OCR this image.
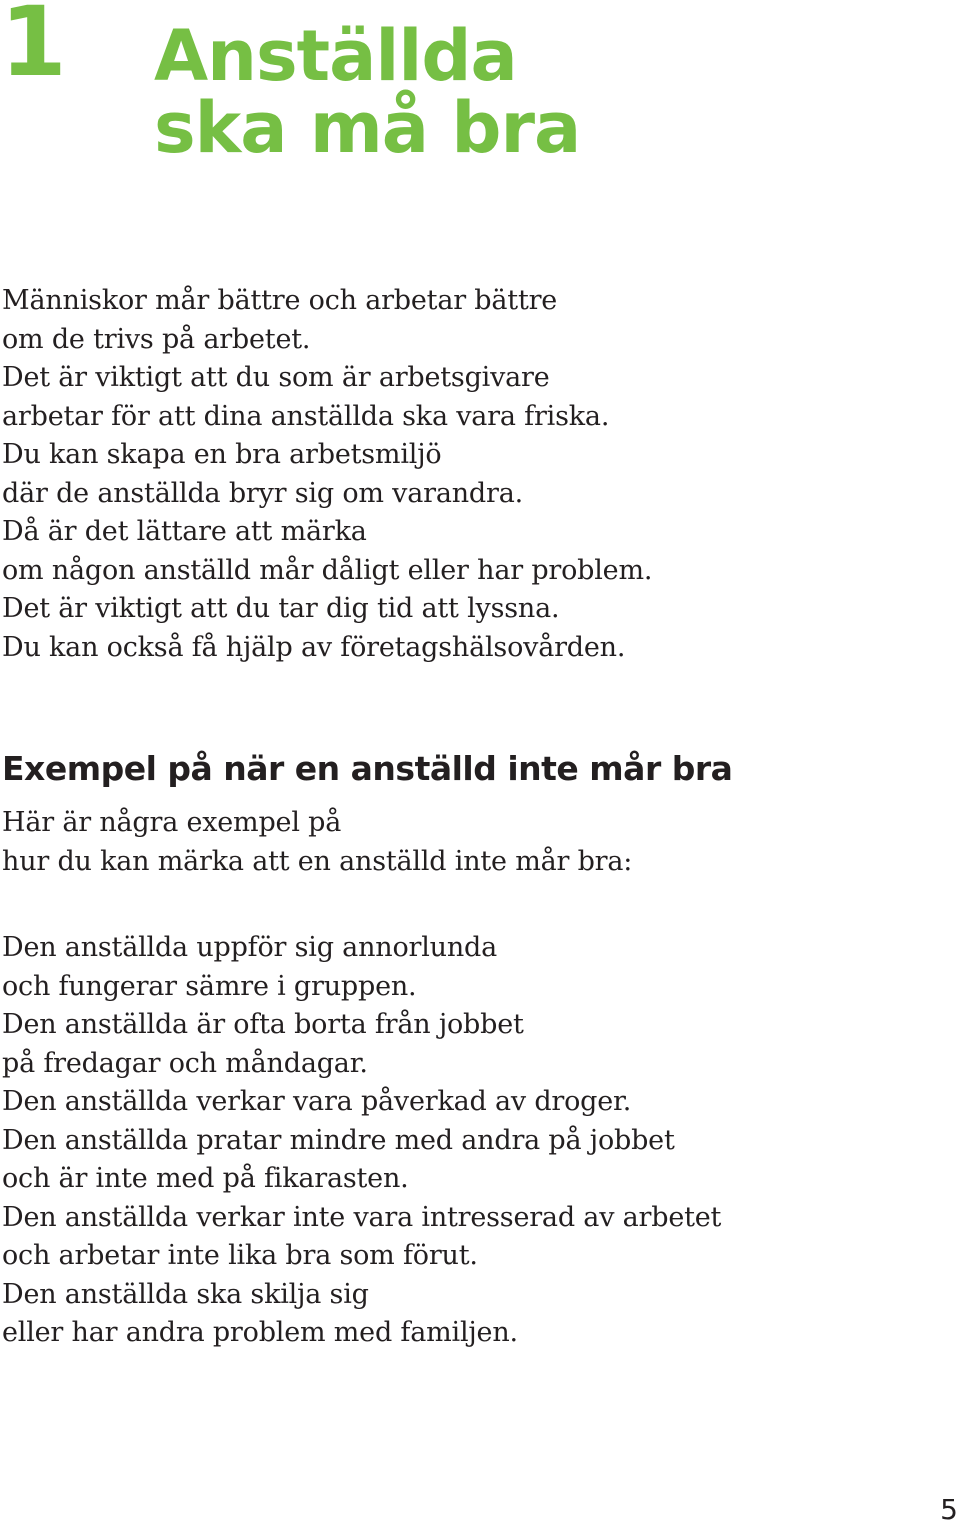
1 Anställda
ska må bra

Människor mår bättre och arbetar bättre
om de trivs på arbetet.
Det är viktigt att du som är arbetsgivare
arbetar för att dina anställda ska vara friska.
Du kan skapa en bra arbetsmiljö
där de anställda bryr sig om varandra.
Då är det lättare att märka
om någon anställd mår dåligt eller har problem.
Det är viktigt att du tar dig tid att lyssna.
Du kan också få hjälp av företagshälsovården.

Exempel på när en anställd inte mår bra

Här är några exempel på
hur du kan märka att en anställd inte mår bra:

Den anställda uppför sig annorlunda
och fungerar sämre i gruppen.
Den anställda är ofta borta från jobbet
på fredagar och måndagar.
Den anställda verkar vara påverkad av droger.
Den anställda pratar mindre med andra på jobbet
och är inte med på fikarasten.
Den anställda verkar inte vara intresserad av arbetet
och arbetar inte lika bra som förut.
Den anställda ska skilja sig
eller har andra problem med familjen.

5
